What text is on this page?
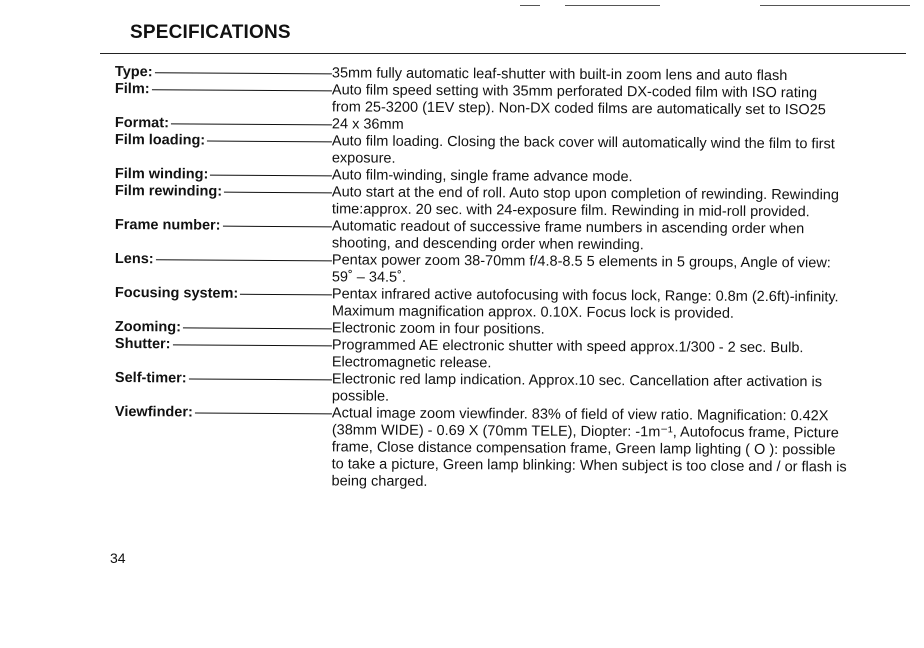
SPECIFICATIONS
Type:	35mm fully automatic leaf-shutter with built-in zoom lens and auto flash
Film:	Auto film speed setting with 35mm perforated DX-coded film with ISO rating from 25-3200 (1EV step). Non-DX coded films are automatically set to ISO25
Format:	24 x 36mm
Film loading:	Auto film loading. Closing the back cover will automatically wind the film to first exposure.
Film winding:	Auto film-winding, single frame advance mode.
Film rewinding:	Auto start at the end of roll. Auto stop upon completion of rewinding. Rewinding time:approx. 20 sec. with 24-exposure film. Rewinding in mid-roll provided.
Frame number:	Automatic readout of successive frame numbers in ascending order when shooting, and descending order when rewinding.
Lens:	Pentax power zoom 38-70mm f/4.8-8.5 5 elements in 5 groups, Angle of view: 59˚ – 34.5˚.
Focusing system:	Pentax infrared active autofocusing with focus lock, Range: 0.8m (2.6ft)-infinity. Maximum magnification approx. 0.10X. Focus lock is provided.
Zooming:	Electronic zoom in four positions.
Shutter:	Programmed AE electronic shutter with speed approx.1/300 - 2 sec. Bulb. Electromagnetic release.
Self-timer:	Electronic red lamp indication. Approx.10 sec. Cancellation after activation is possible.
Viewfinder:	Actual image zoom viewfinder. 83% of field of view ratio. Magnification: 0.42X (38mm WIDE) - 0.69 X (70mm TELE), Diopter: -1m⁻¹, Autofocus frame, Picture frame, Close distance compensation frame, Green lamp lighting ( O ): possible to take a picture, Green lamp blinking: When subject is too close and / or flash is being charged.
34
